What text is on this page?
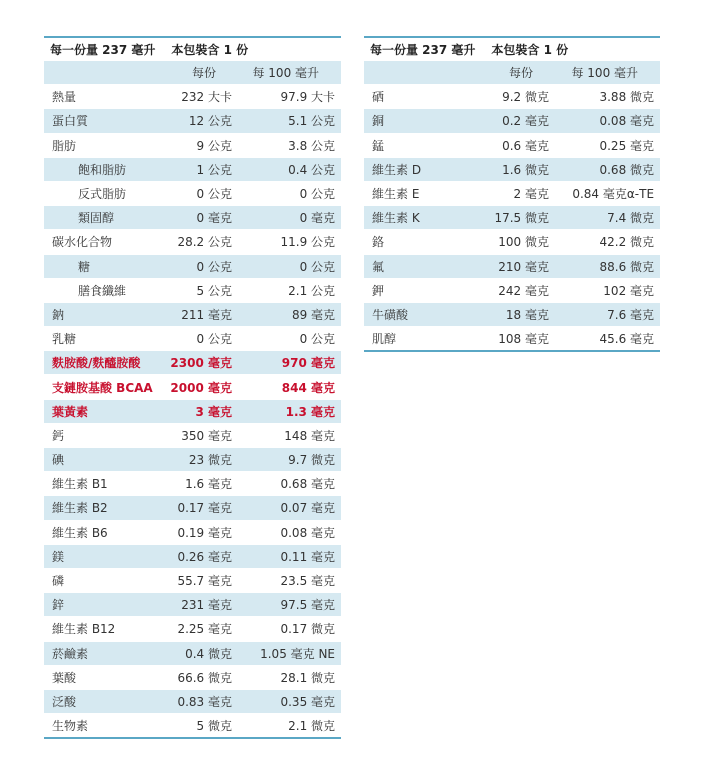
每一份量 237 毫升 本包裝含 1 份		
	每份	每 100 毫升
熱量	232 大卡	97.9 大卡
蛋白質	12 公克	5.1 公克
脂肪	9 公克	3.8 公克
飽和脂肪	1 公克	0.4 公克
反式脂肪	0 公克	0 公克
類固醇	0 毫克	0 毫克
碳水化合物	28.2 公克	11.9 公克
糖	0 公克	0 公克
膳食纖維	5 公克	2.1 公克
鈉	211 毫克	89 毫克
乳糖	0 公克	0 公克
麩胺酸/麩醯胺酸	2300 毫克	970 毫克
支鏈胺基酸 BCAA	2000 毫克	844 毫克
葉黃素	3 毫克	1.3 毫克
鈣	350 毫克	148 毫克
碘	23 微克	9.7 微克
維生素 B1	1.6 毫克	0.68 毫克
維生素 B2	0.17 毫克	0.07 毫克
維生素 B6	0.19 毫克	0.08 毫克
鎂	0.26 毫克	0.11 毫克
磷	55.7 毫克	23.5 毫克
鋅	231 毫克	97.5 毫克
維生素 B12	2.25 毫克	0.17 微克
菸鹼素	0.4 微克	1.05 毫克 NE
葉酸	66.6 微克	28.1 微克
泛酸	0.83 毫克	0.35 毫克
生物素	5 微克	2.1 微克
每一份量 237 毫升 本包裝含 1 份		
	每份	每 100 毫升
硒	9.2 微克	3.88 微克
銅	0.2 毫克	0.08 毫克
錳	0.6 毫克	0.25 毫克
維生素 D	1.6 微克	0.68 微克
維生素 E	2 毫克	0.84 毫克α-TE
維生素 K	17.5 微克	7.4 微克
鉻	100 微克	42.2 微克
氟	210 毫克	88.6 微克
鉀	242 毫克	102 毫克
牛磺酸	18 毫克	7.6 毫克
肌醇	108 毫克	45.6 毫克
